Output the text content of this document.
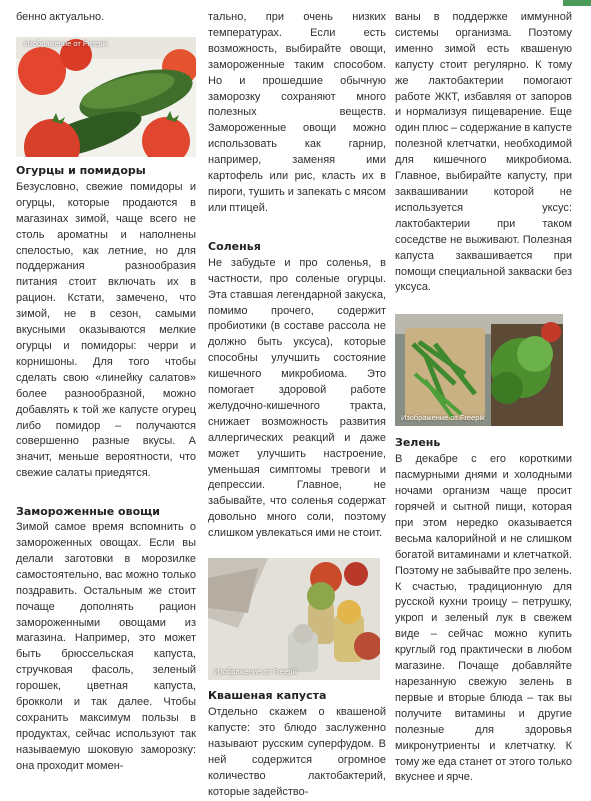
бенно актуально.

Изображение от Freepik

Огурцы и помидоры

Безусловно, свежие помидоры и огурцы, которые продаются в магазинах зимой, чаще всего не столь ароматны и наполнены спелостью, как летние, но для поддержания разнообразия питания стоит включать их в рацион. Кстати, замечено, что зимой, не в сезон, самыми вкусными оказываются мелкие огурцы и помидоры: черри и корнишоны. Для того чтобы сделать свою «линейку салатов» более разнообразной, можно добавлять к той же капусте огурец либо помидор – получаются совершенно разные вкусы. А значит, меньше вероятности, что свежие салаты приедятся.

Замороженные овощи

Зимой самое время вспомнить о замороженных овощах. Если вы делали заготовки в морозилке самостоятельно, вас можно только поздравить. Остальным же стоит почаще дополнять рацион замороженными овощами из магазина. Например, это может быть брюссельская капуста, стручковая фасоль, зеленый горошек, цветная капуста, брокколи и так далее. Чтобы сохранить максимум пользы в продуктах, сейчас используют так называемую шоковую заморозку: она проходит момен-

тально, при очень низких температурах. Если есть возможность, выбирайте овощи, замороженные таким способом. Но и прошедшие обычную заморозку сохраняют много полезных веществ. Замороженные овощи можно использовать как гарнир, например, заменяя ими картофель или рис, класть их в пироги, тушить и запекать с мясом или птицей.

Соленья

Не забудьте и про соленья, в частности, про соленые огурцы. Эта ставшая легендарной закуска, помимо прочего, содержит пробиотики (в составе рассола не должно быть уксуса), которые способны улучшить состояние кишечного микробиома. Это помогает здоровой работе желудочно-кишечного тракта, снижает возможность развития аллергических реакций и даже может улучшить настроение, уменьшая симптомы тревоги и депрессии. Главное, не забывайте, что соленья содержат довольно много соли, поэтому слишком увлекаться ими не стоит.

Изображение от Freepik

Квашеная капуста

Отдельно скажем о квашеной капусте: это блюдо заслуженно называют русским суперфудом. В ней содержится огромное количество лактобактерий, которые задейство-

ваны в поддержке иммунной системы организма. Поэтому именно зимой есть квашеную капусту стоит регулярно. К тому же лактобактерии помогают работе ЖКТ, избавляя от запоров и нормализуя пищеварение. Еще один плюс – содержание в капусте полезной клетчатки, необходимой для кишечного микробиома. Главное, выбирайте капусту, при заквашивании которой не используется уксус: лактобактерии при таком соседстве не выживают. Полезная капуста заквашивается при помощи специальной закваски без уксуса.

Изображение от Freepik

Зелень

В декабре с его короткими пасмурными днями и холодными ночами организм чаще просит горячей и сытной пищи, которая при этом нередко оказывается весьма калорийной и не слишком богатой витаминами и клетчаткой. Поэтому не забывайте про зелень. К счастью, традиционную для русской кухни троицу – петрушку, укроп и зеленый лук в свежем виде – сейчас можно купить круглый год практически в любом магазине. Почаще добавляйте нарезанную свежую зелень в первые и вторые блюда – так вы получите витамины и другие полезные для здоровья микронутриенты и клетчатку. К тому же еда станет от этого только вкуснее и ярче.
